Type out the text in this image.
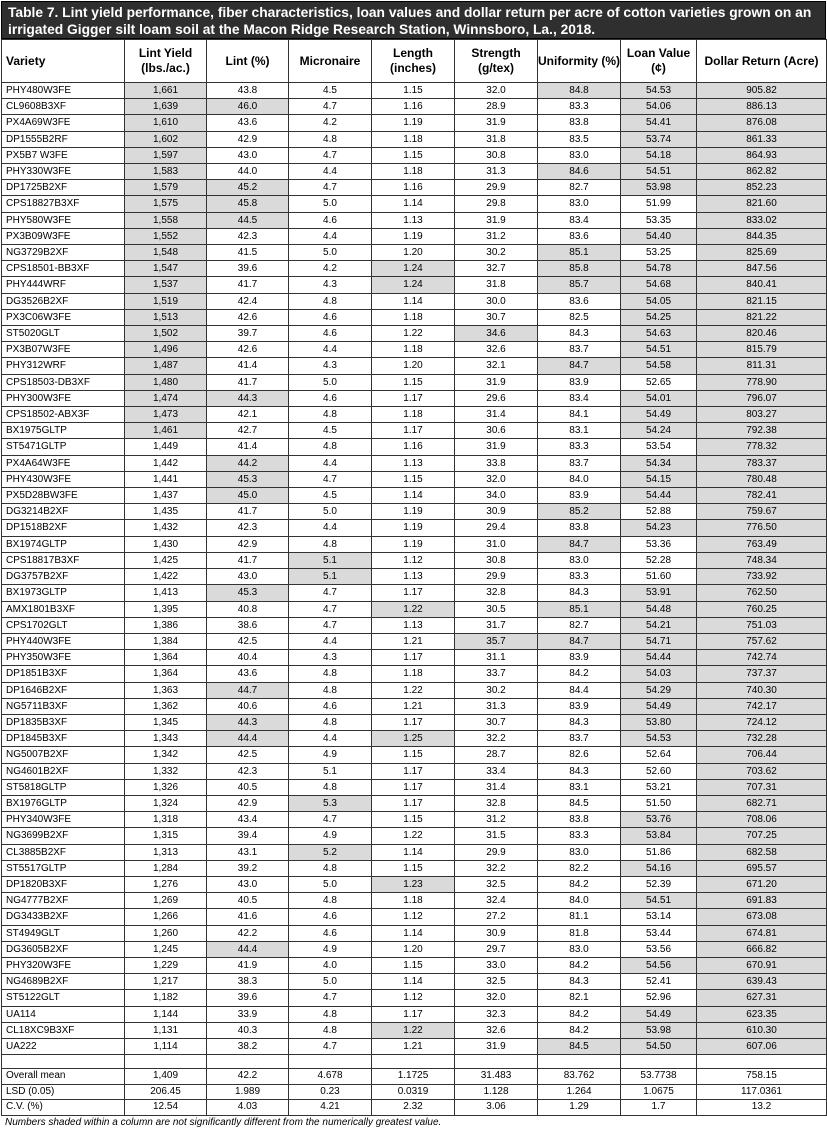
Table 7. Lint yield performance, fiber characteristics, loan values and dollar return per acre of cotton varieties grown on an irrigated Gigger silt loam soil at the Macon Ridge Research Station, Winnsboro, La., 2018.
Variety	Lint Yield (lbs./ac.)	Lint (%)	Micronaire	Length (inches)	Strength (g/tex)	Uniformity (%)	Loan Value (¢)	Dollar Return (Acre)
PHY480W3FE	1,661	43.8	4.5	1.15	32.0	84.8	54.53	905.82
CL9608B3XF	1,639	46.0	4.7	1.16	28.9	83.3	54.06	886.13
PX4A69W3FE	1,610	43.6	4.2	1.19	31.9	83.8	54.41	876.08
DP1555B2RF	1,602	42.9	4.8	1.18	31.8	83.5	53.74	861.33
PX5B7 W3FE	1,597	43.0	4.7	1.15	30.8	83.0	54.18	864.93
PHY330W3FE	1,583	44.0	4.4	1.18	31.3	84.6	54.51	862.82
DP1725B2XF	1,579	45.2	4.7	1.16	29.9	82.7	53.98	852.23
CPS18827B3XF	1,575	45.8	5.0	1.14	29.8	83.0	51.99	821.60
PHY580W3FE	1,558	44.5	4.6	1.13	31.9	83.4	53.35	833.02
PX3B09W3FE	1,552	42.3	4.4	1.19	31.2	83.6	54.40	844.35
NG3729B2XF	1,548	41.5	5.0	1.20	30.2	85.1	53.25	825.69
CPS18501-BB3XF	1,547	39.6	4.2	1.24	32.7	85.8	54.78	847.56
PHY444WRF	1,537	41.7	4.3	1.24	31.8	85.7	54.68	840.41
DG3526B2XF	1,519	42.4	4.8	1.14	30.0	83.6	54.05	821.15
PX3C06W3FE	1,513	42.6	4.6	1.18	30.7	82.5	54.25	821.22
ST5020GLT	1,502	39.7	4.6	1.22	34.6	84.3	54.63	820.46
PX3B07W3FE	1,496	42.6	4.4	1.18	32.6	83.7	54.51	815.79
PHY312WRF	1,487	41.4	4.3	1.20	32.1	84.7	54.58	811.31
CPS18503-DB3XF	1,480	41.7	5.0	1.15	31.9	83.9	52.65	778.90
PHY300W3FE	1,474	44.3	4.6	1.17	29.6	83.4	54.01	796.07
CPS18502-ABX3F	1,473	42.1	4.8	1.18	31.4	84.1	54.49	803.27
BX1975GLTP	1,461	42.7	4.5	1.17	30.6	83.1	54.24	792.38
ST5471GLTP	1,449	41.4	4.8	1.16	31.9	83.3	53.54	778.32
PX4A64W3FE	1,442	44.2	4.4	1.13	33.8	83.7	54.34	783.37
PHY430W3FE	1,441	45.3	4.7	1.15	32.0	84.0	54.15	780.48
PX5D28BW3FE	1,437	45.0	4.5	1.14	34.0	83.9	54.44	782.41
DG3214B2XF	1,435	41.7	5.0	1.19	30.9	85.2	52.88	759.67
DP1518B2XF	1,432	42.3	4.4	1.19	29.4	83.8	54.23	776.50
BX1974GLTP	1,430	42.9	4.8	1.19	31.0	84.7	53.36	763.49
CPS18817B3XF	1,425	41.7	5.1	1.12	30.8	83.0	52.28	748.34
DG3757B2XF	1,422	43.0	5.1	1.13	29.9	83.3	51.60	733.92
BX1973GLTP	1,413	45.3	4.7	1.17	32.8	84.3	53.91	762.50
AMX1801B3XF	1,395	40.8	4.7	1.22	30.5	85.1	54.48	760.25
CPS1702GLT	1,386	38.6	4.7	1.13	31.7	82.7	54.21	751.03
PHY440W3FE	1,384	42.5	4.4	1.21	35.7	84.7	54.71	757.62
PHY350W3FE	1,364	40.4	4.3	1.17	31.1	83.9	54.44	742.74
DP1851B3XF	1,364	43.6	4.8	1.18	33.7	84.2	54.03	737.37
DP1646B2XF	1,363	44.7	4.8	1.22	30.2	84.4	54.29	740.30
NG5711B3XF	1,362	40.6	4.6	1.21	31.3	83.9	54.49	742.17
DP1835B3XF	1,345	44.3	4.8	1.17	30.7	84.3	53.80	724.12
DP1845B3XF	1,343	44.4	4.4	1.25	32.2	83.7	54.53	732.28
NG5007B2XF	1,342	42.5	4.9	1.15	28.7	82.6	52.64	706.44
NG4601B2XF	1,332	42.3	5.1	1.17	33.4	84.3	52.60	703.62
ST5818GLTP	1,326	40.5	4.8	1.17	31.4	83.1	53.21	707.31
BX1976GLTP	1,324	42.9	5.3	1.17	32.8	84.5	51.50	682.71
PHY340W3FE	1,318	43.4	4.7	1.15	31.2	83.8	53.76	708.06
NG3699B2XF	1,315	39.4	4.9	1.22	31.5	83.3	53.84	707.25
CL3885B2XF	1,313	43.1	5.2	1.14	29.9	83.0	51.86	682.58
ST5517GLTP	1,284	39.2	4.8	1.15	32.2	82.2	54.16	695.57
DP1820B3XF	1,276	43.0	5.0	1.23	32.5	84.2	52.39	671.20
NG4777B2XF	1,269	40.5	4.8	1.18	32.4	84.0	54.51	691.83
DG3433B2XF	1,266	41.6	4.6	1.12	27.2	81.1	53.14	673.08
ST4949GLT	1,260	42.2	4.6	1.14	30.9	81.8	53.44	674.81
DG3605B2XF	1,245	44.4	4.9	1.20	29.7	83.0	53.56	666.82
PHY320W3FE	1,229	41.9	4.0	1.15	33.0	84.2	54.56	670.91
NG4689B2XF	1,217	38.3	5.0	1.14	32.5	84.3	52.41	639.43
ST5122GLT	1,182	39.6	4.7	1.12	32.0	82.1	52.96	627.31
UA114	1,144	33.9	4.8	1.17	32.3	84.2	54.49	623.35
CL18XC9B3XF	1,131	40.3	4.8	1.22	32.6	84.2	53.98	610.30
UA222	1,114	38.2	4.7	1.21	31.9	84.5	54.50	607.06

Overall mean	1,409	42.2	4.678	1.1725	31.483	83.762	53.7738	758.15
LSD (0.05)	206.45	1.989	0.23	0.0319	1.128	1.264	1.0675	117.0361
C.V. (%)	12.54	4.03	4.21	2.32	3.06	1.29	1.7	13.2
Numbers shaded within a column are not significantly different from the numerically greatest value.
